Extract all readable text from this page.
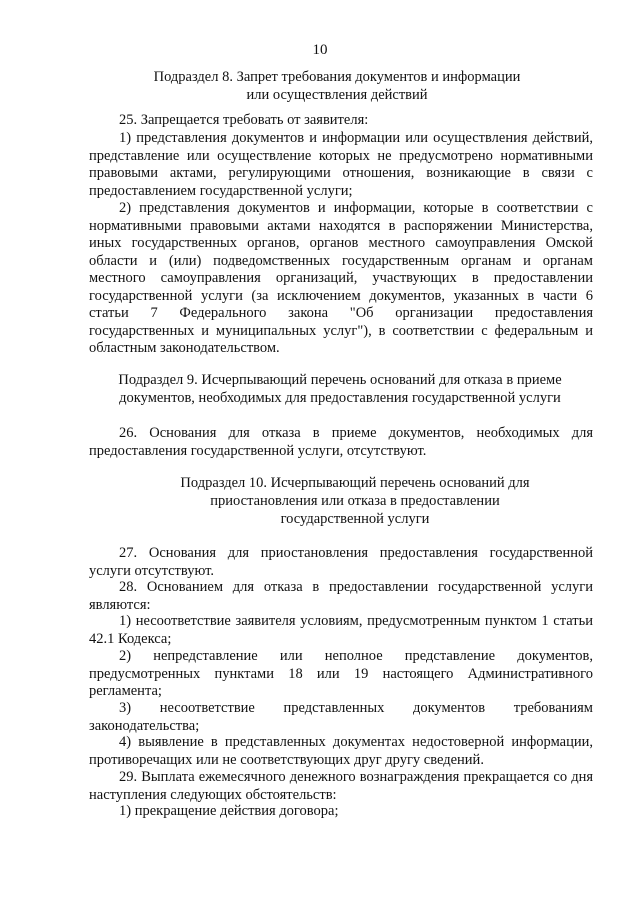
10
Подраздел 8. Запрет требования документов и информации или осуществления действий
25. Запрещается требовать от заявителя:
1) представления документов и информации или осуществления действий, представление или осуществление которых не предусмотрено нормативными правовыми актами, регулирующими отношения, возникающие в связи с предоставлением государственной услуги;
2) представления документов и информации, которые в соответствии с нормативными правовыми актами находятся в распоряжении Министерства, иных государственных органов, органов местного самоуправления Омской области и (или) подведомственных государственным органам и органам местного самоуправления организаций, участвующих в предоставлении государственной услуги (за исключением документов, указанных в части 6 статьи 7 Федерального закона "Об организации предоставления государственных и муниципальных услуг"), в соответствии с федеральным и областным законодательством.
Подраздел 9. Исчерпывающий перечень оснований для отказа в приеме документов, необходимых для предоставления государственной услуги
26. Основания для отказа в приеме документов, необходимых для предоставления государственной услуги, отсутствуют.
Подраздел 10. Исчерпывающий перечень оснований для приостановления или отказа в предоставлении государственной услуги
27. Основания для приостановления предоставления государственной услуги отсутствуют.
28. Основанием для отказа в предоставлении государственной услуги являются:
1) несоответствие заявителя условиям, предусмотренным пунктом 1 статьи 42.1 Кодекса;
2) непредставление или неполное представление документов, предусмотренных пунктами 18 или 19 настоящего Административного регламента;
3) несоответствие представленных документов требованиям законодательства;
4) выявление в представленных документах недостоверной информации, противоречащих или не соответствующих друг другу сведений.
29. Выплата ежемесячного денежного вознаграждения прекращается со дня наступления следующих обстоятельств:
1) прекращение действия договора;
